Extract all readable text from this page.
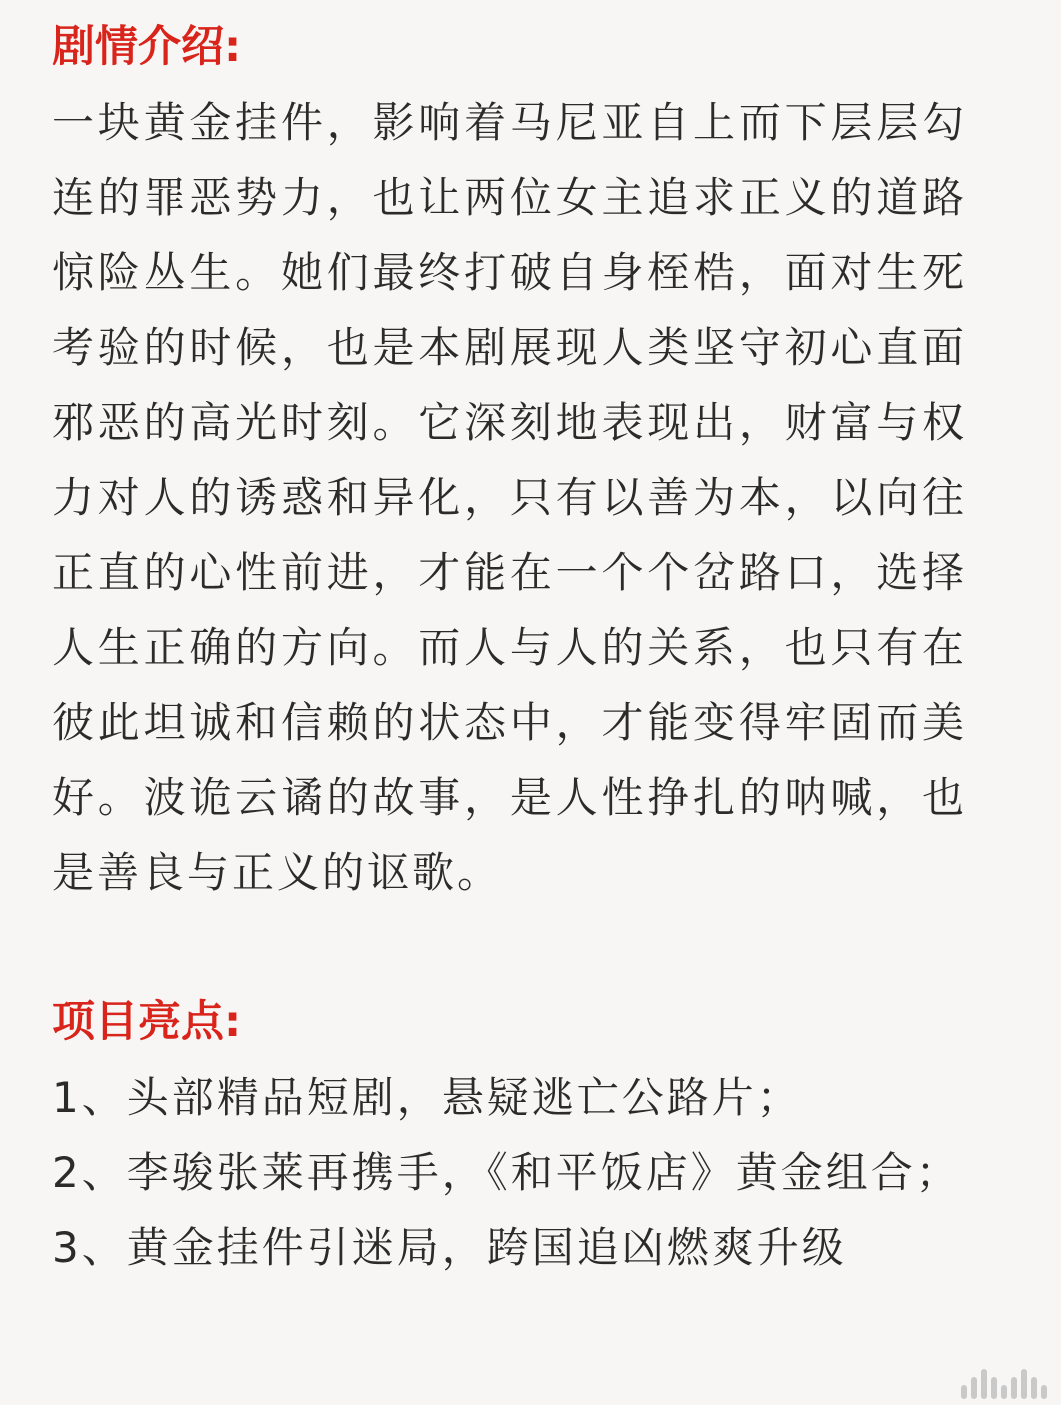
剧情介绍:

一块黄金挂件，影响着马尼亚自上而下层层勾连的罪恶势力，也让两位女主追求正义的道路惊险丛生。她们最终打破自身桎梏，面对生死考验的时候，也是本剧展现人类坚守初心直面邪恶的高光时刻。它深刻地表现出，财富与权力对人的诱惑和异化，只有以善为本，以向往正直的心性前进，才能在一个个岔路口，选择人生正确的方向。而人与人的关系，也只有在彼此坦诚和信赖的状态中，才能变得牢固而美好。波诡云谲的故事，是人性挣扎的呐喊，也是善良与正义的讴歌。

项目亮点:

1、头部精品短剧，悬疑逃亡公路片；

2、李骏张莱再携手，《和平饭店》黄金组合；

3、黄金挂件引迷局，跨国追凶燃爽升级
